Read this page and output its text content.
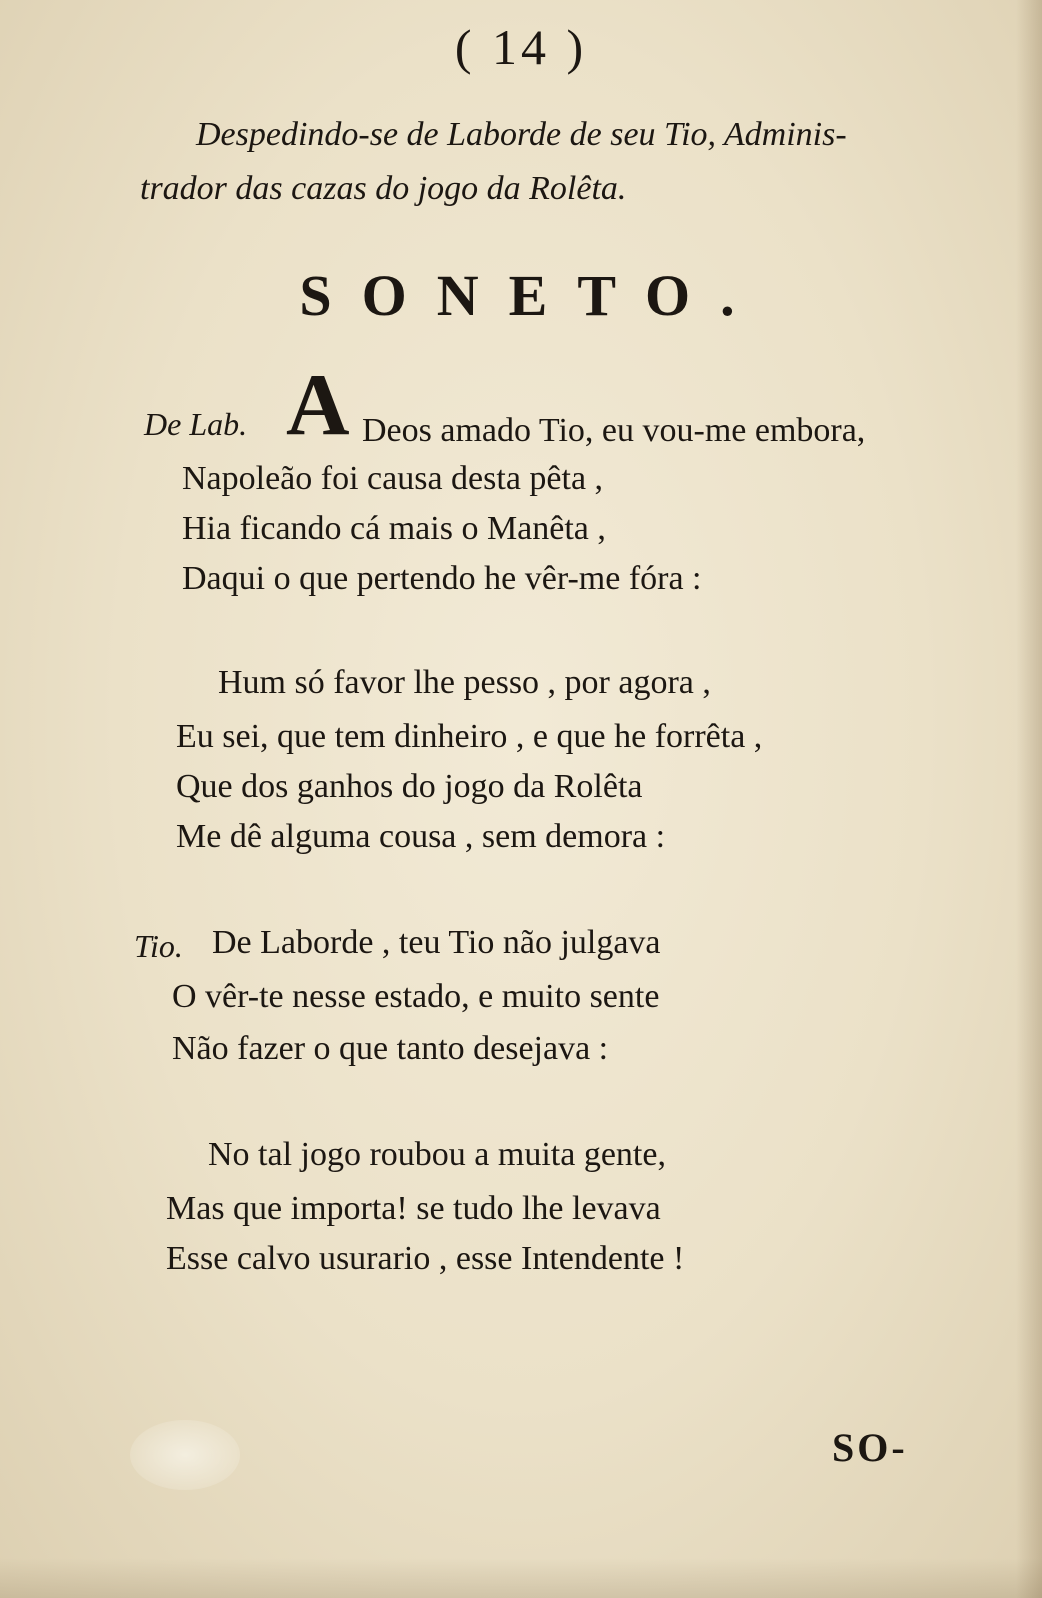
( 14 )
Despedindo-se de Laborde de seu Tio, Adminis-
trador das cazas do jogo da Rolêta.
SONETO.
De Lab. A Deos amado Tio, eu vou-me embora,
Napoleão foi causa desta pêta ,
Hia ficando cá mais o Manêta ,
Daqui o que pertendo he vêr-me fóra :
Hum só favor lhe pesso , por agora ,
Eu sei, que tem dinheiro , e que he forrêta ,
Que dos ganhos do jogo da Rolêta
Me dê alguma cousa , sem demora :
Tio. De Laborde , teu Tio não julgava
O vêr-te nesse estado, e muito sente
Não fazer o que tanto desejava :
No tal jogo roubou a muita gente,
Mas que importa! se tudo lhe levava
Esse calvo usurario , esse Intendente !
SO-
